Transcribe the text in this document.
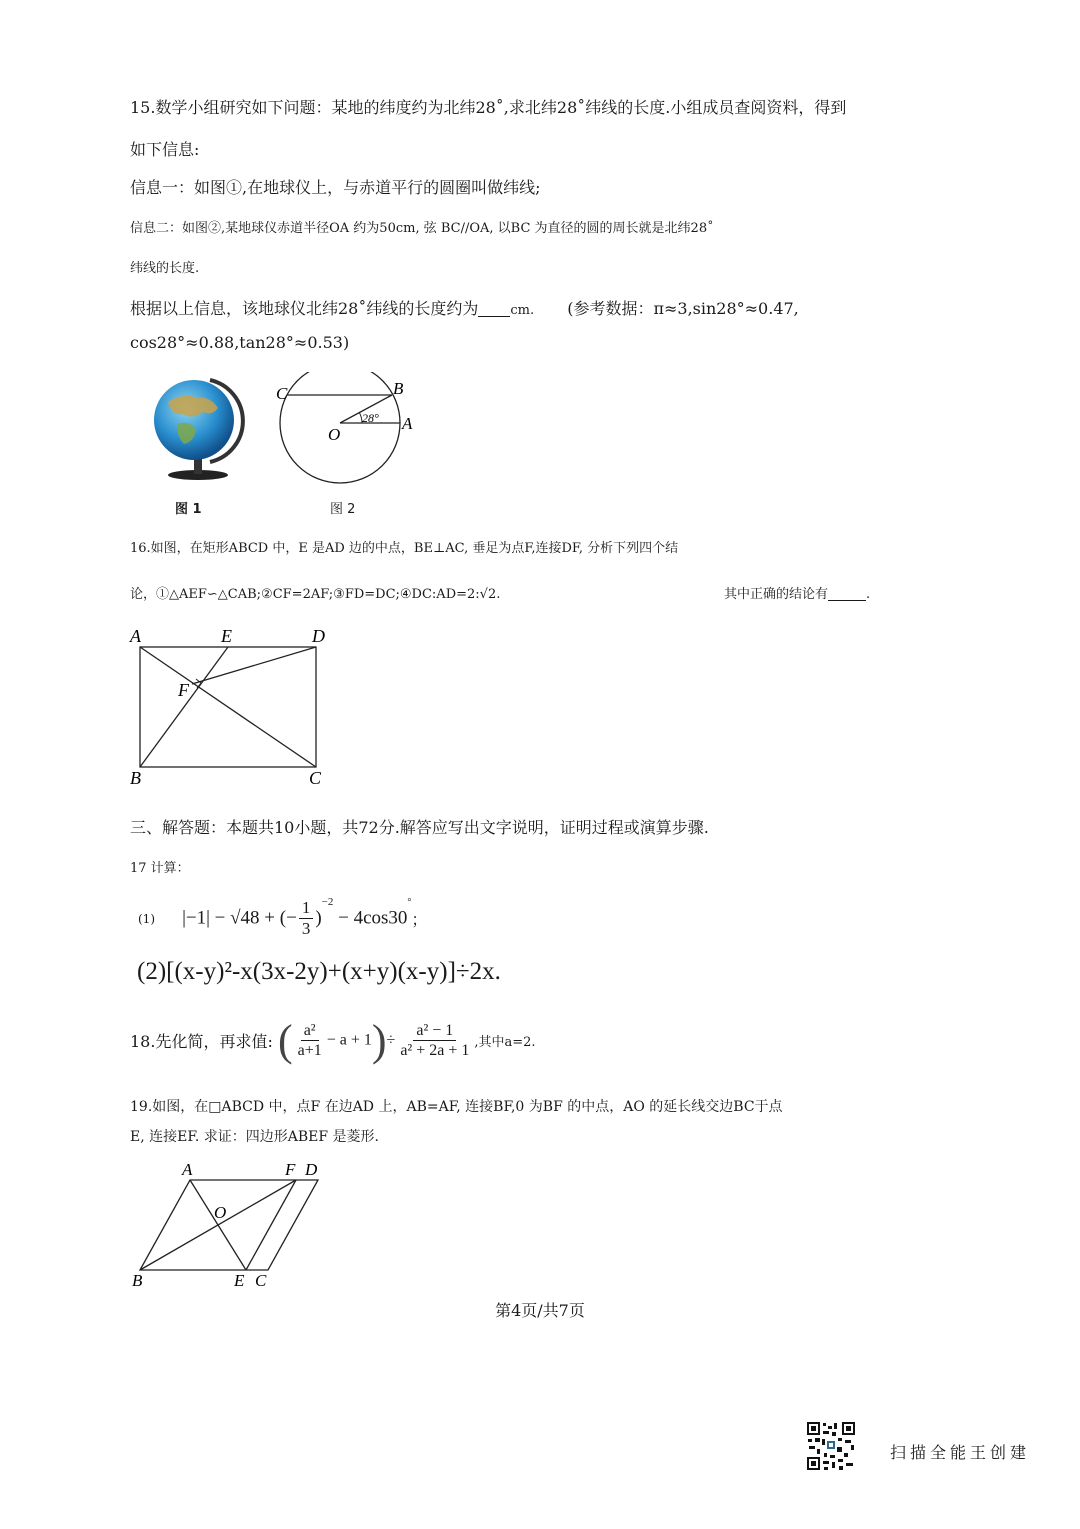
15.数学小组研究如下问题：某地的纬度约为北纬28˚,求北纬28˚纬线的长度.小组成员查阅资料，得到
如下信息:
信息一：如图①,在地球仪上，与赤道平行的圆圈叫做纬线;
信息二：如图②,某地球仪赤道半径OA 约为50cm, 弦 BC//OA, 以BC 为直径的圆的周长就是北纬28˚
纬线的长度.
根据以上信息，该地球仪北纬28˚纬线的长度约为 cm. (参考数据：π≈3,sin28°≈0.47,
cos28°≈0.88,tan28°≈0.53)
C	B
A
O
28°
图 1	图 2
16.如图，在矩形ABCD 中，E 是AD 边的中点，BE⊥AC, 垂足为点F,连接DF, 分析下列四个结
论，①△AEF∽△CAB;②CF=2AF;③FD=DC;④DC:AD=2:√2.	其中正确的结论有	.
A	E	D
F
B	C
三、解答题：本题共10小题，共72分.解答应写出文字说明，证明过程或演算步骤.
17 计算：
(1) |−1| − √48 + (− $\frac{1}{3} )^{-2} - 4\cos 30^\circ$；
(2)[(x-y)²-x(3x-2y)+(x+y)(x-y)]÷2x.
18.先化简，再求值: ( $\frac{\text{a²}}{a+1} - a + 1)\div \frac{\text{a² − 1}}{\text{a² + 2a + 1}}$ ,其中a=2.
19.如图，在□ABCD 中，点F 在边AD 上，AB=AF, 连接BF,0 为BF 的中点，AO 的延长线交边BC于点
E, 连接EF. 求证：四边形ABEF 是菱形.
A	F D
O
B	E C
第4页/共7页
扫描全能王创建
